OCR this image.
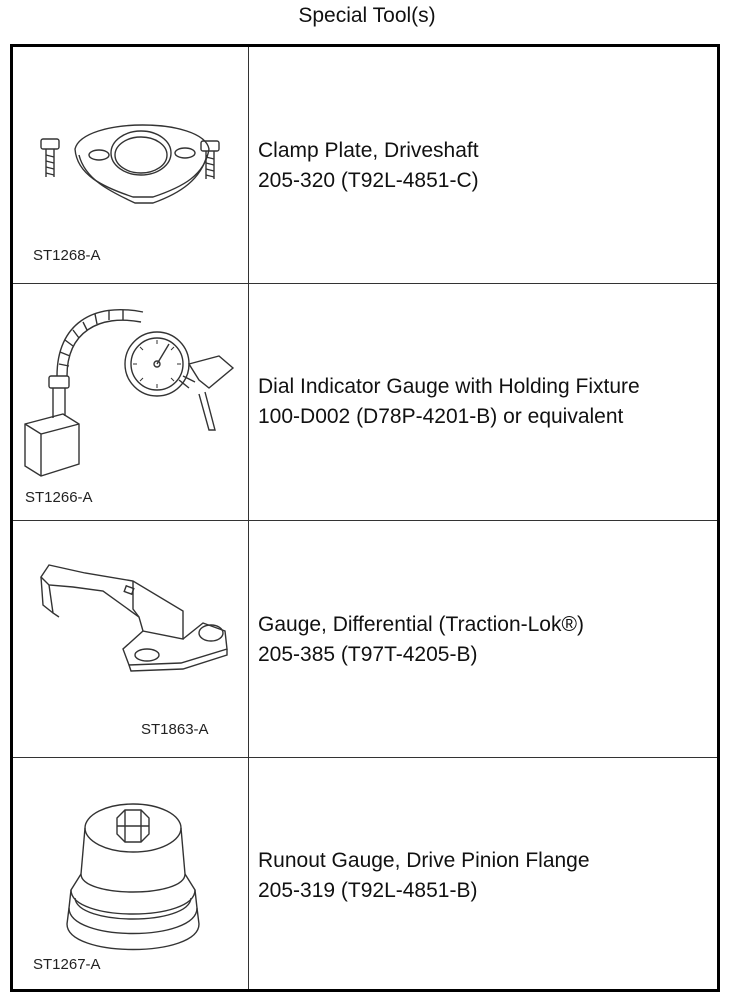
Special Tool(s)
ST1268-A
Clamp Plate, Driveshaft
205-320 (T92L-4851-C)
ST1266-A
Dial Indicator Gauge with Holding Fixture
100-D002 (D78P-4201-B) or equivalent
ST1863-A
Gauge, Differential (Traction-Lok®)
205-385 (T97T-4205-B)
ST1267-A
Runout Gauge, Drive Pinion Flange
205-319 (T92L-4851-B)
